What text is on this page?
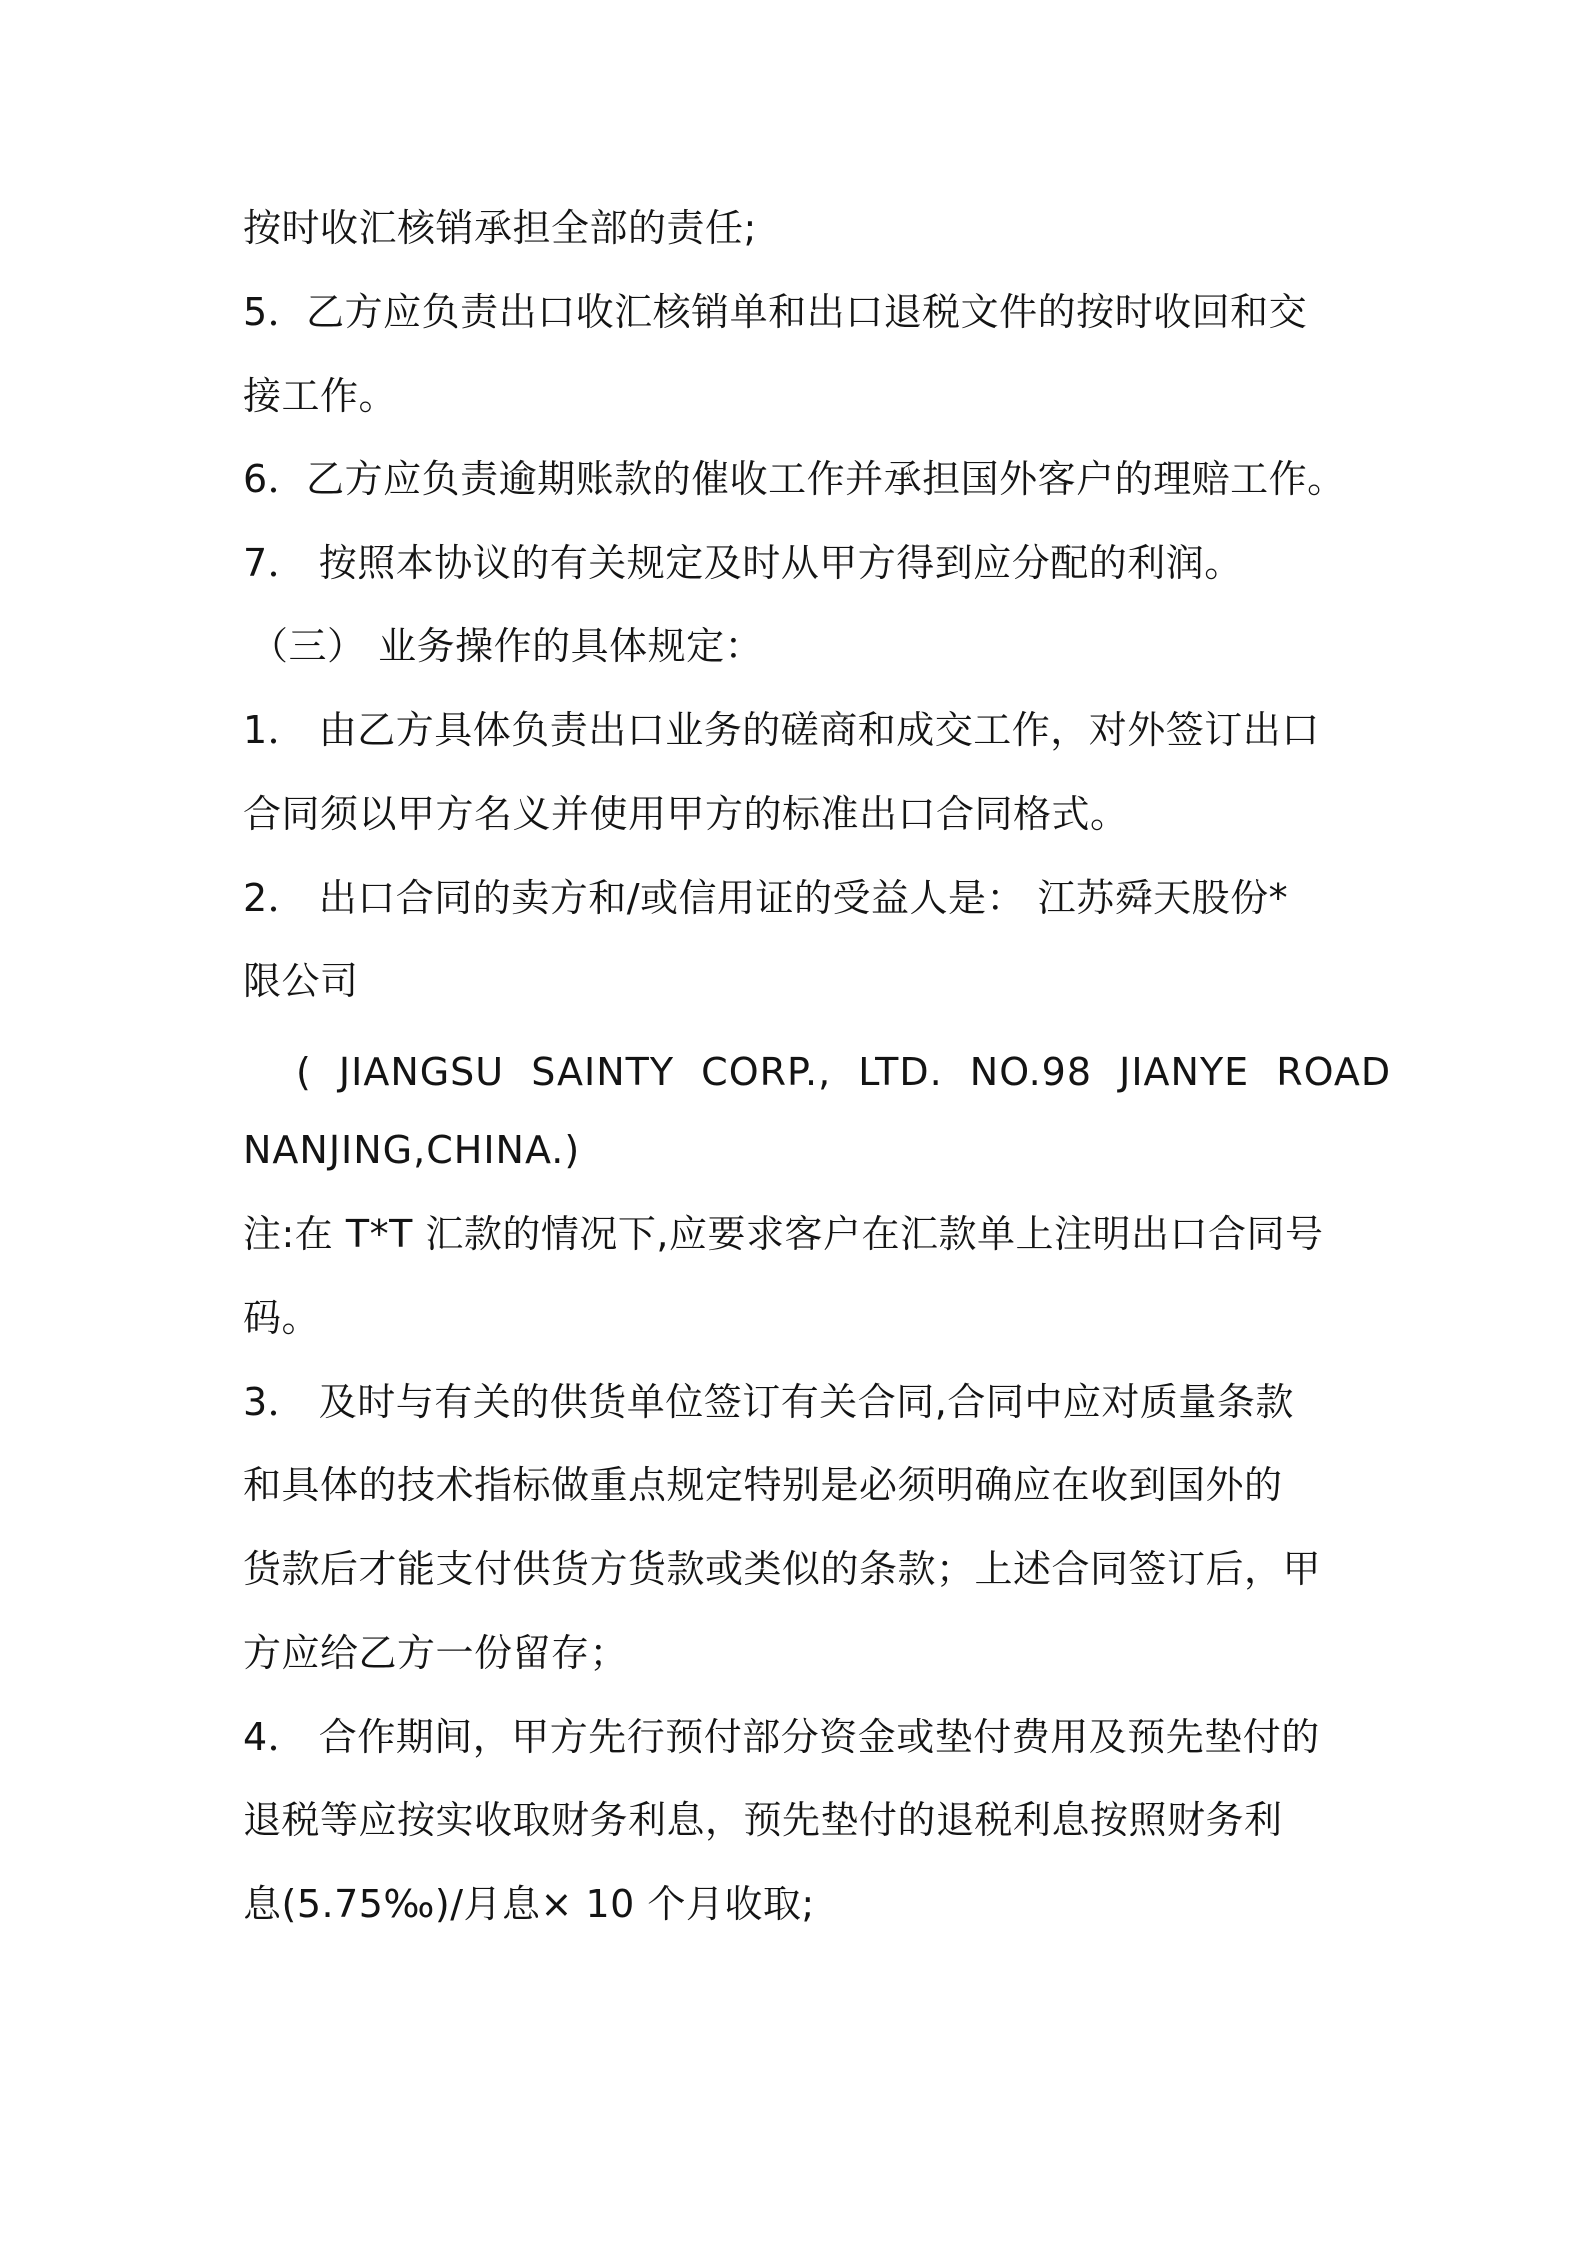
按时收汇核销承担全部的责任;
5．乙方应负责出口收汇核销单和出口退税文件的按时收回和交
接工作。
6．乙方应负责逾期账款的催收工作并承担国外客户的理赔工作。
7． 按照本协议的有关规定及时从甲方得到应分配的利润。
（三） 业务操作的具体规定：
1． 由乙方具体负责出口业务的磋商和成交工作，对外签订出口
合同须以甲方名义并使用甲方的标准出口合同格式。
2． 出口合同的卖方和/或信用证的受益人是： 江苏舜天股份*
限公司
( JIANGSU SAINTY CORP., LTD. NO.98 JIANYE ROAD
NANJING,CHINA.)
注:在 T*T 汇款的情况下,应要求客户在汇款单上注明出口合同号
码。
3． 及时与有关的供货单位签订有关合同,合同中应对质量条款
和具体的技术指标做重点规定特别是必须明确应在收到国外的
货款后才能支付供货方货款或类似的条款；上述合同签订后，甲
方应给乙方一份留存；
4． 合作期间，甲方先行预付部分资金或垫付费用及预先垫付的
退税等应按实收取财务利息，预先垫付的退税利息按照财务利
息(5.75‰)/月息× 10 个月收取;
